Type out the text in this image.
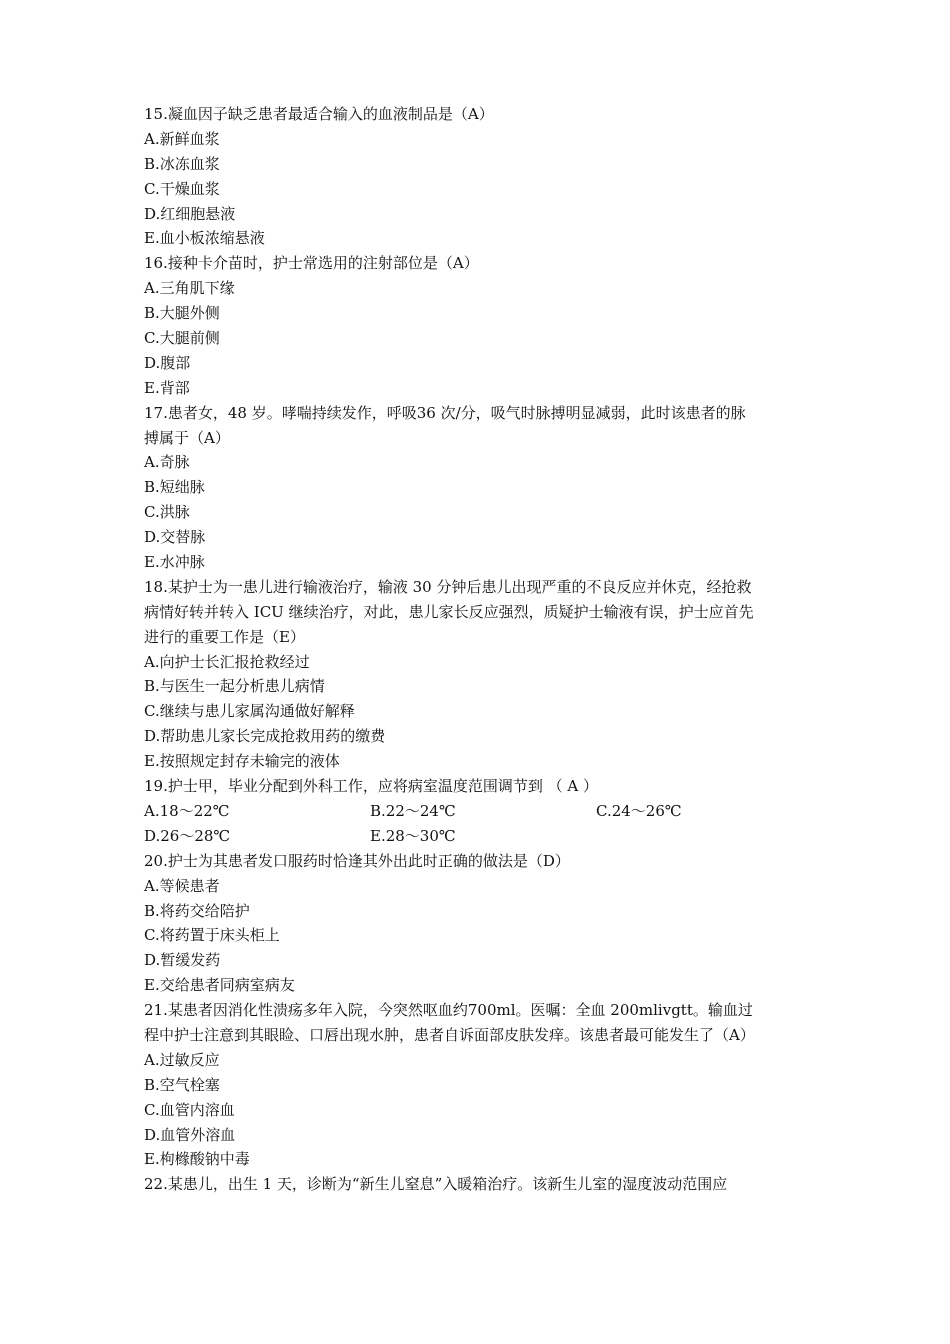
15.凝血因子缺乏患者最适合输入的血液制品是（A）
A.新鲜血浆
B.冰冻血浆
C.干燥血浆
D.红细胞悬液
E.血小板浓缩悬液
16.接种卡介苗时，护士常选用的注射部位是（A）
A.三角肌下缘
B.大腿外侧
C.大腿前侧
D.腹部
E.背部
17.患者女，48 岁。哮喘持续发作，呼吸36 次/分，吸气时脉搏明显减弱，此时该患者的脉
搏属于（A）
A.奇脉
B.短绌脉
C.洪脉
D.交替脉
E.水冲脉
18.某护士为一患儿进行输液治疗，输液 30 分钟后患儿出现严重的不良反应并休克，经抢救
病情好转并转入 ICU 继续治疗，对此，患儿家长反应强烈，质疑护士输液有误，护士应首先
进行的重要工作是（E）
A.向护士长汇报抢救经过
B.与医生一起分析患儿病情
C.继续与患儿家属沟通做好解释
D.帮助患儿家长完成抢救用药的缴费
E.按照规定封存未输完的液体
19.护士甲，毕业分配到外科工作，应将病室温度范围调节到 （ A ）
A.18～22℃	B.22～24℃	C.24～26℃
D.26～28℃	E.28～30℃
20.护士为其患者发口服药时恰逢其外出此时正确的做法是（D）
A.等候患者
B.将药交给陪护
C.将药置于床头柜上
D.暂缓发药
E.交给患者同病室病友
21.某患者因消化性溃疡多年入院，今突然呕血约700ml。医嘱：全血 200mlivgtt。输血过
程中护士注意到其眼睑、口唇出现水肿，患者自诉面部皮肤发痒。该患者最可能发生了（A）
A.过敏反应
B.空气栓塞
C.血管内溶血
D.血管外溶血
E.枸橼酸钠中毒
22.某患儿，出生 1 天，诊断为“新生儿窒息”入暖箱治疗。该新生儿室的湿度波动范围应
